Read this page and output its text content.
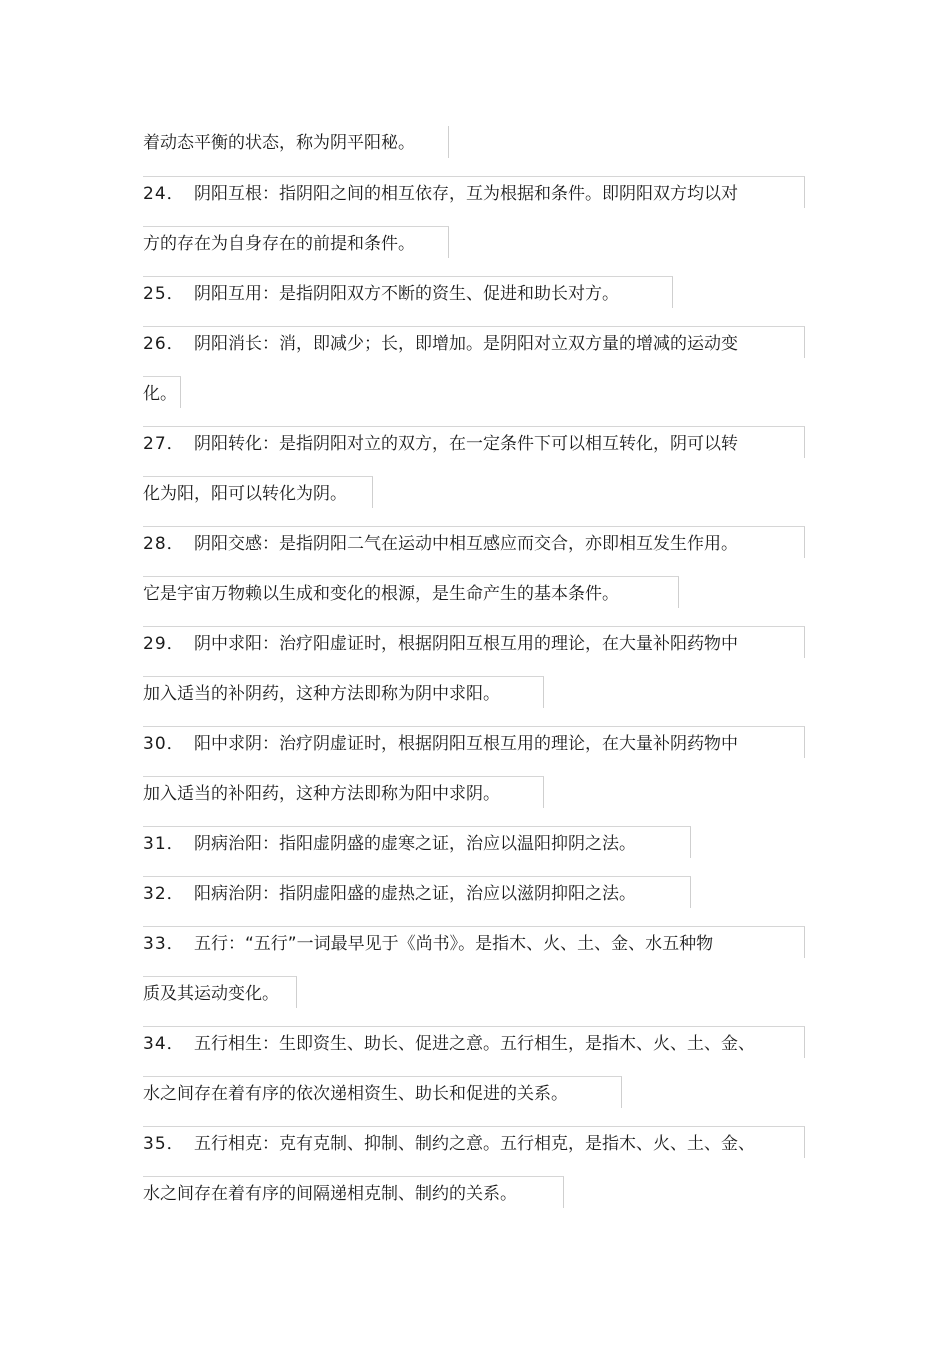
着动态平衡的状态，称为阴平阳秘。
24． 阴阳互根：指阴阳之间的相互依存，互为根据和条件。即阴阳双方均以对
方的存在为自身存在的前提和条件。
25． 阴阳互用：是指阴阳双方不断的资生、促进和助长对方。
26． 阴阳消长：消，即减少；长，即增加。是阴阳对立双方量的增减的运动变
化。
27． 阴阳转化：是指阴阳对立的双方，在一定条件下可以相互转化，阴可以转
化为阳，阳可以转化为阴。
28． 阴阳交感：是指阴阳二气在运动中相互感应而交合，亦即相互发生作用。
它是宇宙万物赖以生成和变化的根源，是生命产生的基本条件。
29． 阴中求阳：治疗阳虚证时，根据阴阳互根互用的理论，在大量补阳药物中
加入适当的补阴药，这种方法即称为阴中求阳。
30． 阳中求阴：治疗阴虚证时，根据阴阳互根互用的理论，在大量补阴药物中
加入适当的补阳药，这种方法即称为阳中求阴。
31． 阴病治阳：指阳虚阴盛的虚寒之证，治应以温阳抑阴之法。
32． 阳病治阴：指阴虚阳盛的虚热之证，治应以滋阴抑阳之法。
33． 五行：“五行”一词最早见于《尚书》。是指木、火、土、金、水五种物
质及其运动变化。
34． 五行相生：生即资生、助长、促进之意。五行相生，是指木、火、土、金、
水之间存在着有序的依次递相资生、助长和促进的关系。
35． 五行相克：克有克制、抑制、制约之意。五行相克，是指木、火、土、金、
水之间存在着有序的间隔递相克制、制约的关系。
